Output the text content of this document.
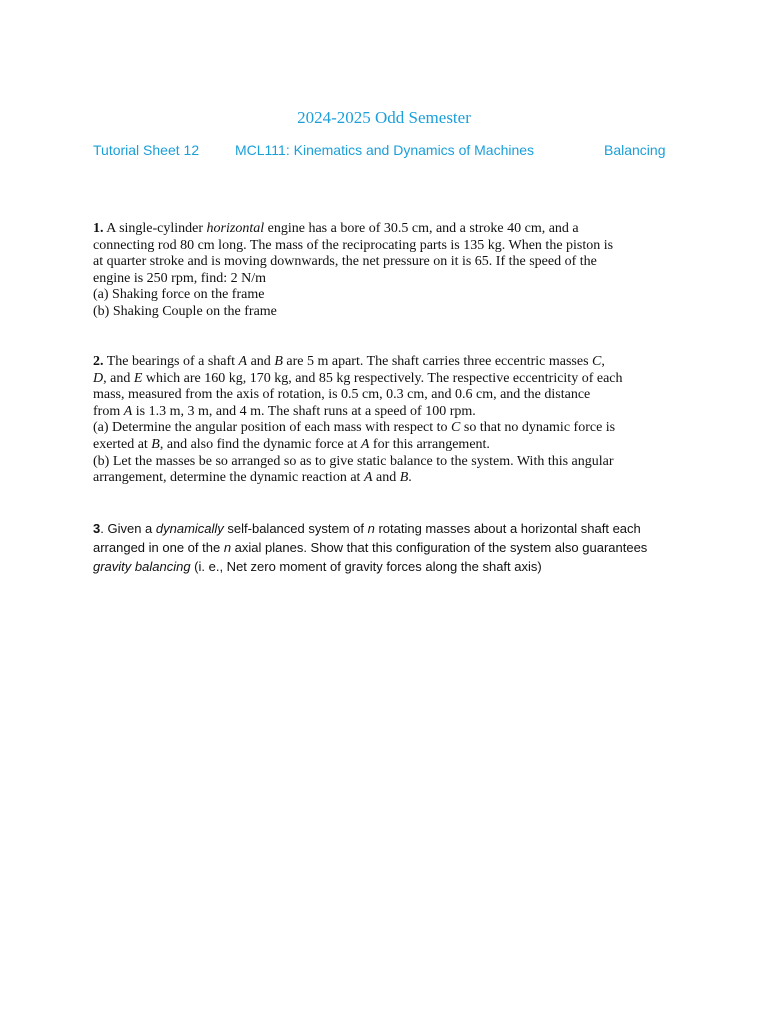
2024-2025 Odd Semester
Tutorial Sheet 12	MCL111: Kinematics and Dynamics of Machines	Balancing
1. A single-cylinder horizontal engine has a bore of 30.5 cm, and a stroke 40 cm, and a
connecting rod 80 cm long. The mass of the reciprocating parts is 135 kg. When the piston is
at quarter stroke and is moving downwards, the net pressure on it is 65. If the speed of the
engine is 250 rpm, find: 2 N/m
(a) Shaking force on the frame
(b) Shaking Couple on the frame
2. The bearings of a shaft A and B are 5 m apart. The shaft carries three eccentric masses C,
D, and E which are 160 kg, 170 kg, and 85 kg respectively. The respective eccentricity of each
mass, measured from the axis of rotation, is 0.5 cm, 0.3 cm, and 0.6 cm, and the distance
from A is 1.3 m, 3 m, and 4 m. The shaft runs at a speed of 100 rpm.
(a) Determine the angular position of each mass with respect to C so that no dynamic force is
exerted at B, and also find the dynamic force at A for this arrangement.
(b) Let the masses be so arranged so as to give static balance to the system. With this angular
arrangement, determine the dynamic reaction at A and B.
3. Given a dynamically self-balanced system of n rotating masses about a horizontal shaft each
arranged in one of the n axial planes. Show that this configuration of the system also guarantees
gravity balancing (i. e., Net zero moment of gravity forces along the shaft axis)
